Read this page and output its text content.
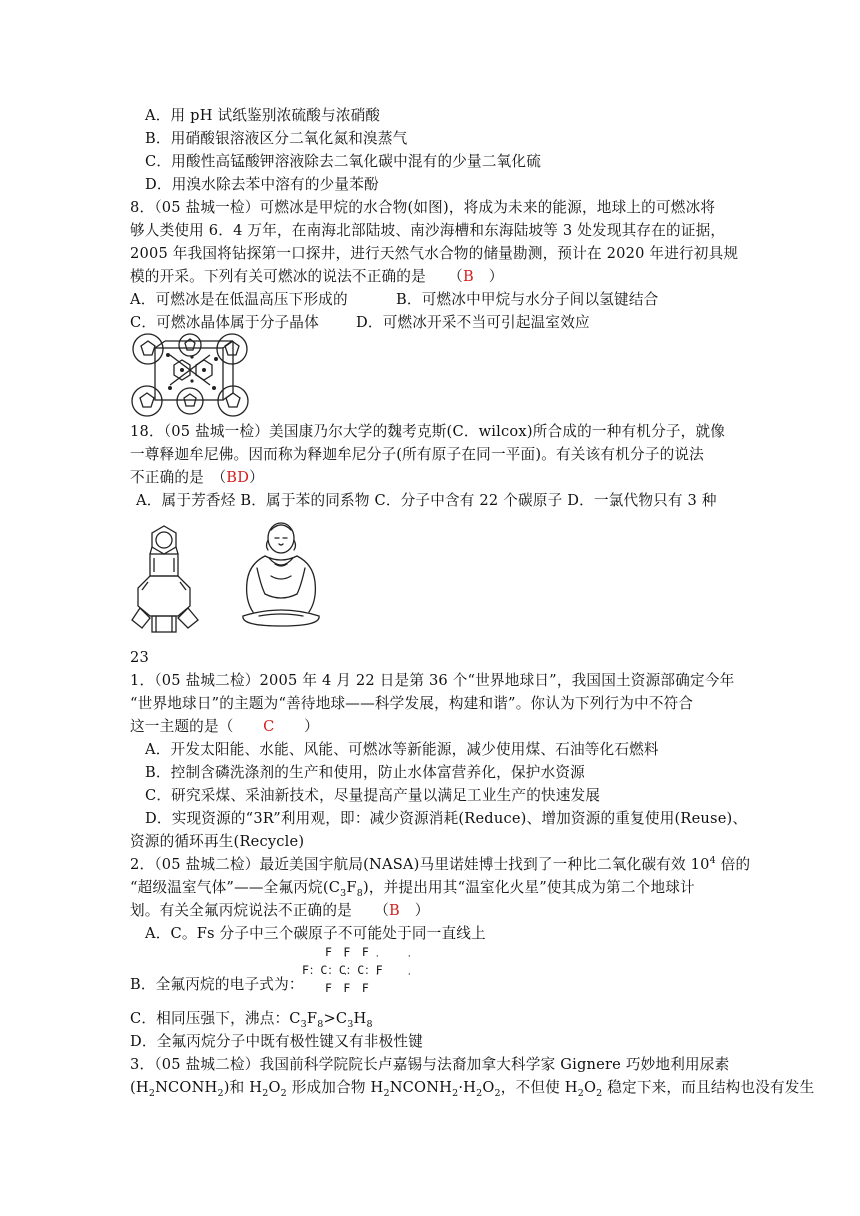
A．用 pH 试纸鉴别浓硫酸与浓硝酸
B．用硝酸银溶液区分二氧化氮和溴蒸气
C．用酸性高锰酸钾溶液除去二氧化碳中混有的少量二氧化硫
D．用溴水除去苯中溶有的少量苯酚
8．（05 盐城一检）可燃冰是甲烷的水合物(如图)，将成为未来的能源，地球上的可燃冰将
够人类使用 6．4 万年，在南海北部陆坡、南沙海槽和东海陆坡等 3 处发现其存在的证据，
2005 年我国将钻探第一口探井，进行天然气水合物的储量勘测，预计在 2020 年进行初具规
模的开采。下列有关可燃冰的说法不正确的是　　（B　）
A．可燃冰是在低温高压下形成的	B．可燃冰中甲烷与水分子间以氢键结合
C．可燃冰晶体属于分子晶体	D．可燃冰开采不当可引起温室效应
18．（05 盐城一检）美国康乃尔大学的魏考克斯(C．wilcox)所合成的一种有机分子，就像
一尊释迦牟尼佛。因而称为释迦牟尼分子(所有原子在同一平面)。有关该有机分子的说法
不正确的是　（BD）
A．属于芳香烃 B．属于苯的同系物 C．分子中含有 22 个碳原子 D．一氯代物只有 3 种
23
1．（05 盐城二检）2005 年 4 月 22 日是第 36 个“世界地球日”，我国国土资源部确定今年
“世界地球日”的主题为“善待地球——科学发展，构建和谐”。你认为下列行为中不符合
这一主题的是（　　C　　）
A．开发太阳能、水能、风能、可燃冰等新能源，减少使用煤、石油等化石燃料
B．控制含磷洗涤剂的生产和使用，防止水体富营养化，保护水资源
C．研究采煤、采油新技术，尽量提高产量以满足工业生产的快速发展
D．实现资源的“3R”利用观，即：减少资源消耗(Reduce)、增加资源的重复使用(Reuse)、
资源的循环再生(Recycle)
2．（05 盐城二检）最近美国宇航局(NASA)马里诺娃博士找到了一种比二氧化碳有效 $10^4$ 倍的
“超级温室气体”——全氟丙烷$(C_3F_8)$，并提出用其“温室化火星”使其成为第二个地球计
划。有关全氟丙烷说法不正确的是　　（B　）
A．C。Fs 分子中三个碳原子不可能处于同一直线上
F　F　F
˙˙˙
F：C：C：C：F
˙˙˙
F　F　F
B．全氟丙烷的电子式为：
C．相同压强下，沸点：$C_3F_8>C_3H_8$
D．全氟丙烷分子中既有极性键又有非极性键
3．（05 盐城二检）我国前科学院院长卢嘉锡与法裔加拿大科学家 Gignere 巧妙地利用尿素
$(H_2NCONH_2)$和 $H_2O_2$ 形成加合物 $H_2NCONH_2\cdot H_2O_2$，不但使 $H_2O_2$ 稳定下来，而且结构也没有发生
